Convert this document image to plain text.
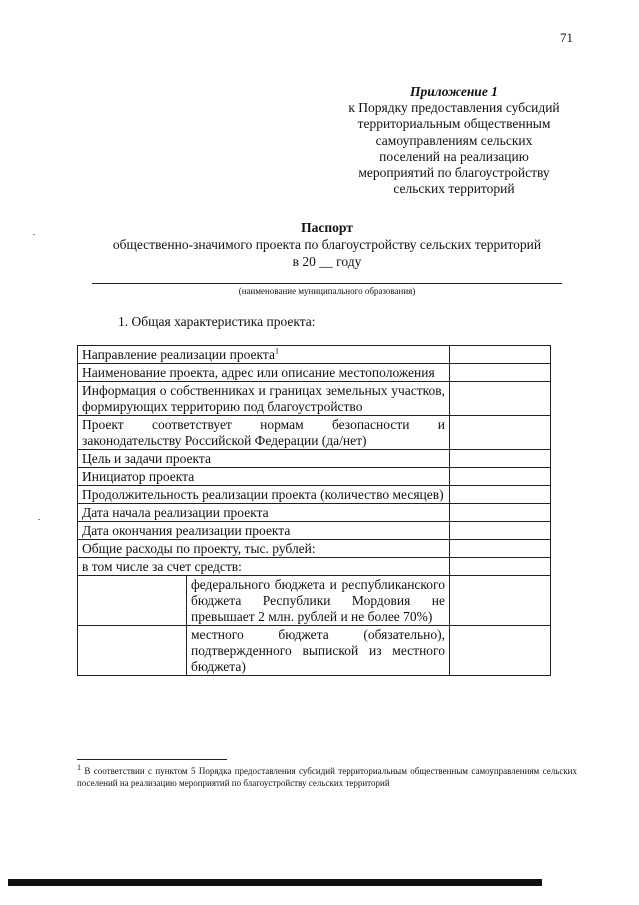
71
Приложение 1
к Порядку предоставления субсидий
территориальным общественным
самоуправлениям сельских
поселений на реализацию
мероприятий по благоустройству
сельских территорий
Паспорт
общественно-значимого проекта по благоустройству сельских территорий
в 20 __ году
(наименование муниципального образования)
1. Общая характеристика проекта:
Направление реализации проекта$^1$	
Наименование проекта, адрес или описание местоположения		
Информация о собственниках и границах земельных участков, формирующих территорию под благоустройство		
Проект соответствует нормам безопасности и законодательству Российской Федерации (да/нет)		
Цель и задачи проекта		
Инициатор проекта		
Продолжительность реализации проекта (количество месяцев)		
Дата начала реализации проекта		
Дата окончания реализации проекта		
Общие расходы по проекту, тыс. рублей:		
в том числе за счет средств:		
	федерального бюджета и республиканского бюджета Республики Мордовия не превышает 2 млн. рублей и не более 70%)	
	местного бюджета (обязательно), подтвержденного выпиской из местного бюджета)	
$^1$ В соответствии с пунктом 5 Порядка предоставления субсидий территориальным общественным самоуправлениям сельских поселений на реализацию мероприятий по благоустройству сельских территорий
